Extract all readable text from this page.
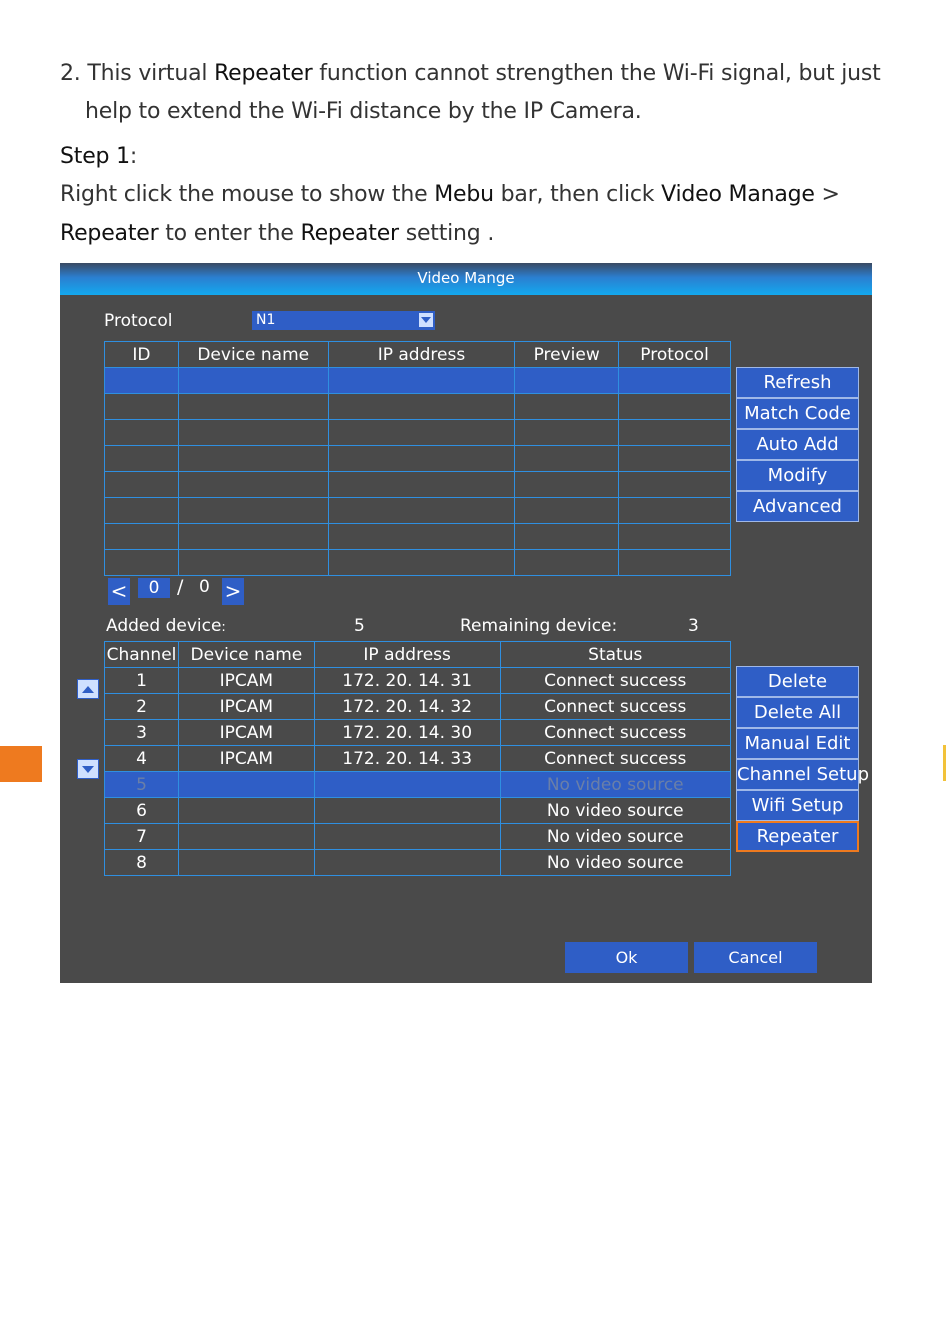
2. This virtual Repeater function cannot strengthen the Wi-Fi signal, but just
help to extend the Wi-Fi distance by the IP Camera.
Step 1:
Right click the mouse to show the Mebu bar, then click Video Manage >
Repeater to enter the Repeater setting .
Video Mange
Protocol	N1
ID	Device name	IP address	Preview	Protocol

Refresh
Match Code
Auto Add
Modify
Advanced
<	0 / 0 >
Added device:	5	Remaining device:	3
Channel	Device name	IP address	Status
1	IPCAM	172. 20. 14. 31	Connect success
2	IPCAM	172. 20. 14. 32	Connect success
3	IPCAM	172. 20. 14. 30	Connect success
4	IPCAM	172. 20. 14. 33	Connect success
5			No video source
6			No video source
7			No video source
8			No video source
Delete
Delete All
Manual Edit
Channel Setup
Wifi Setup
Repeater
Ok	Cancel
